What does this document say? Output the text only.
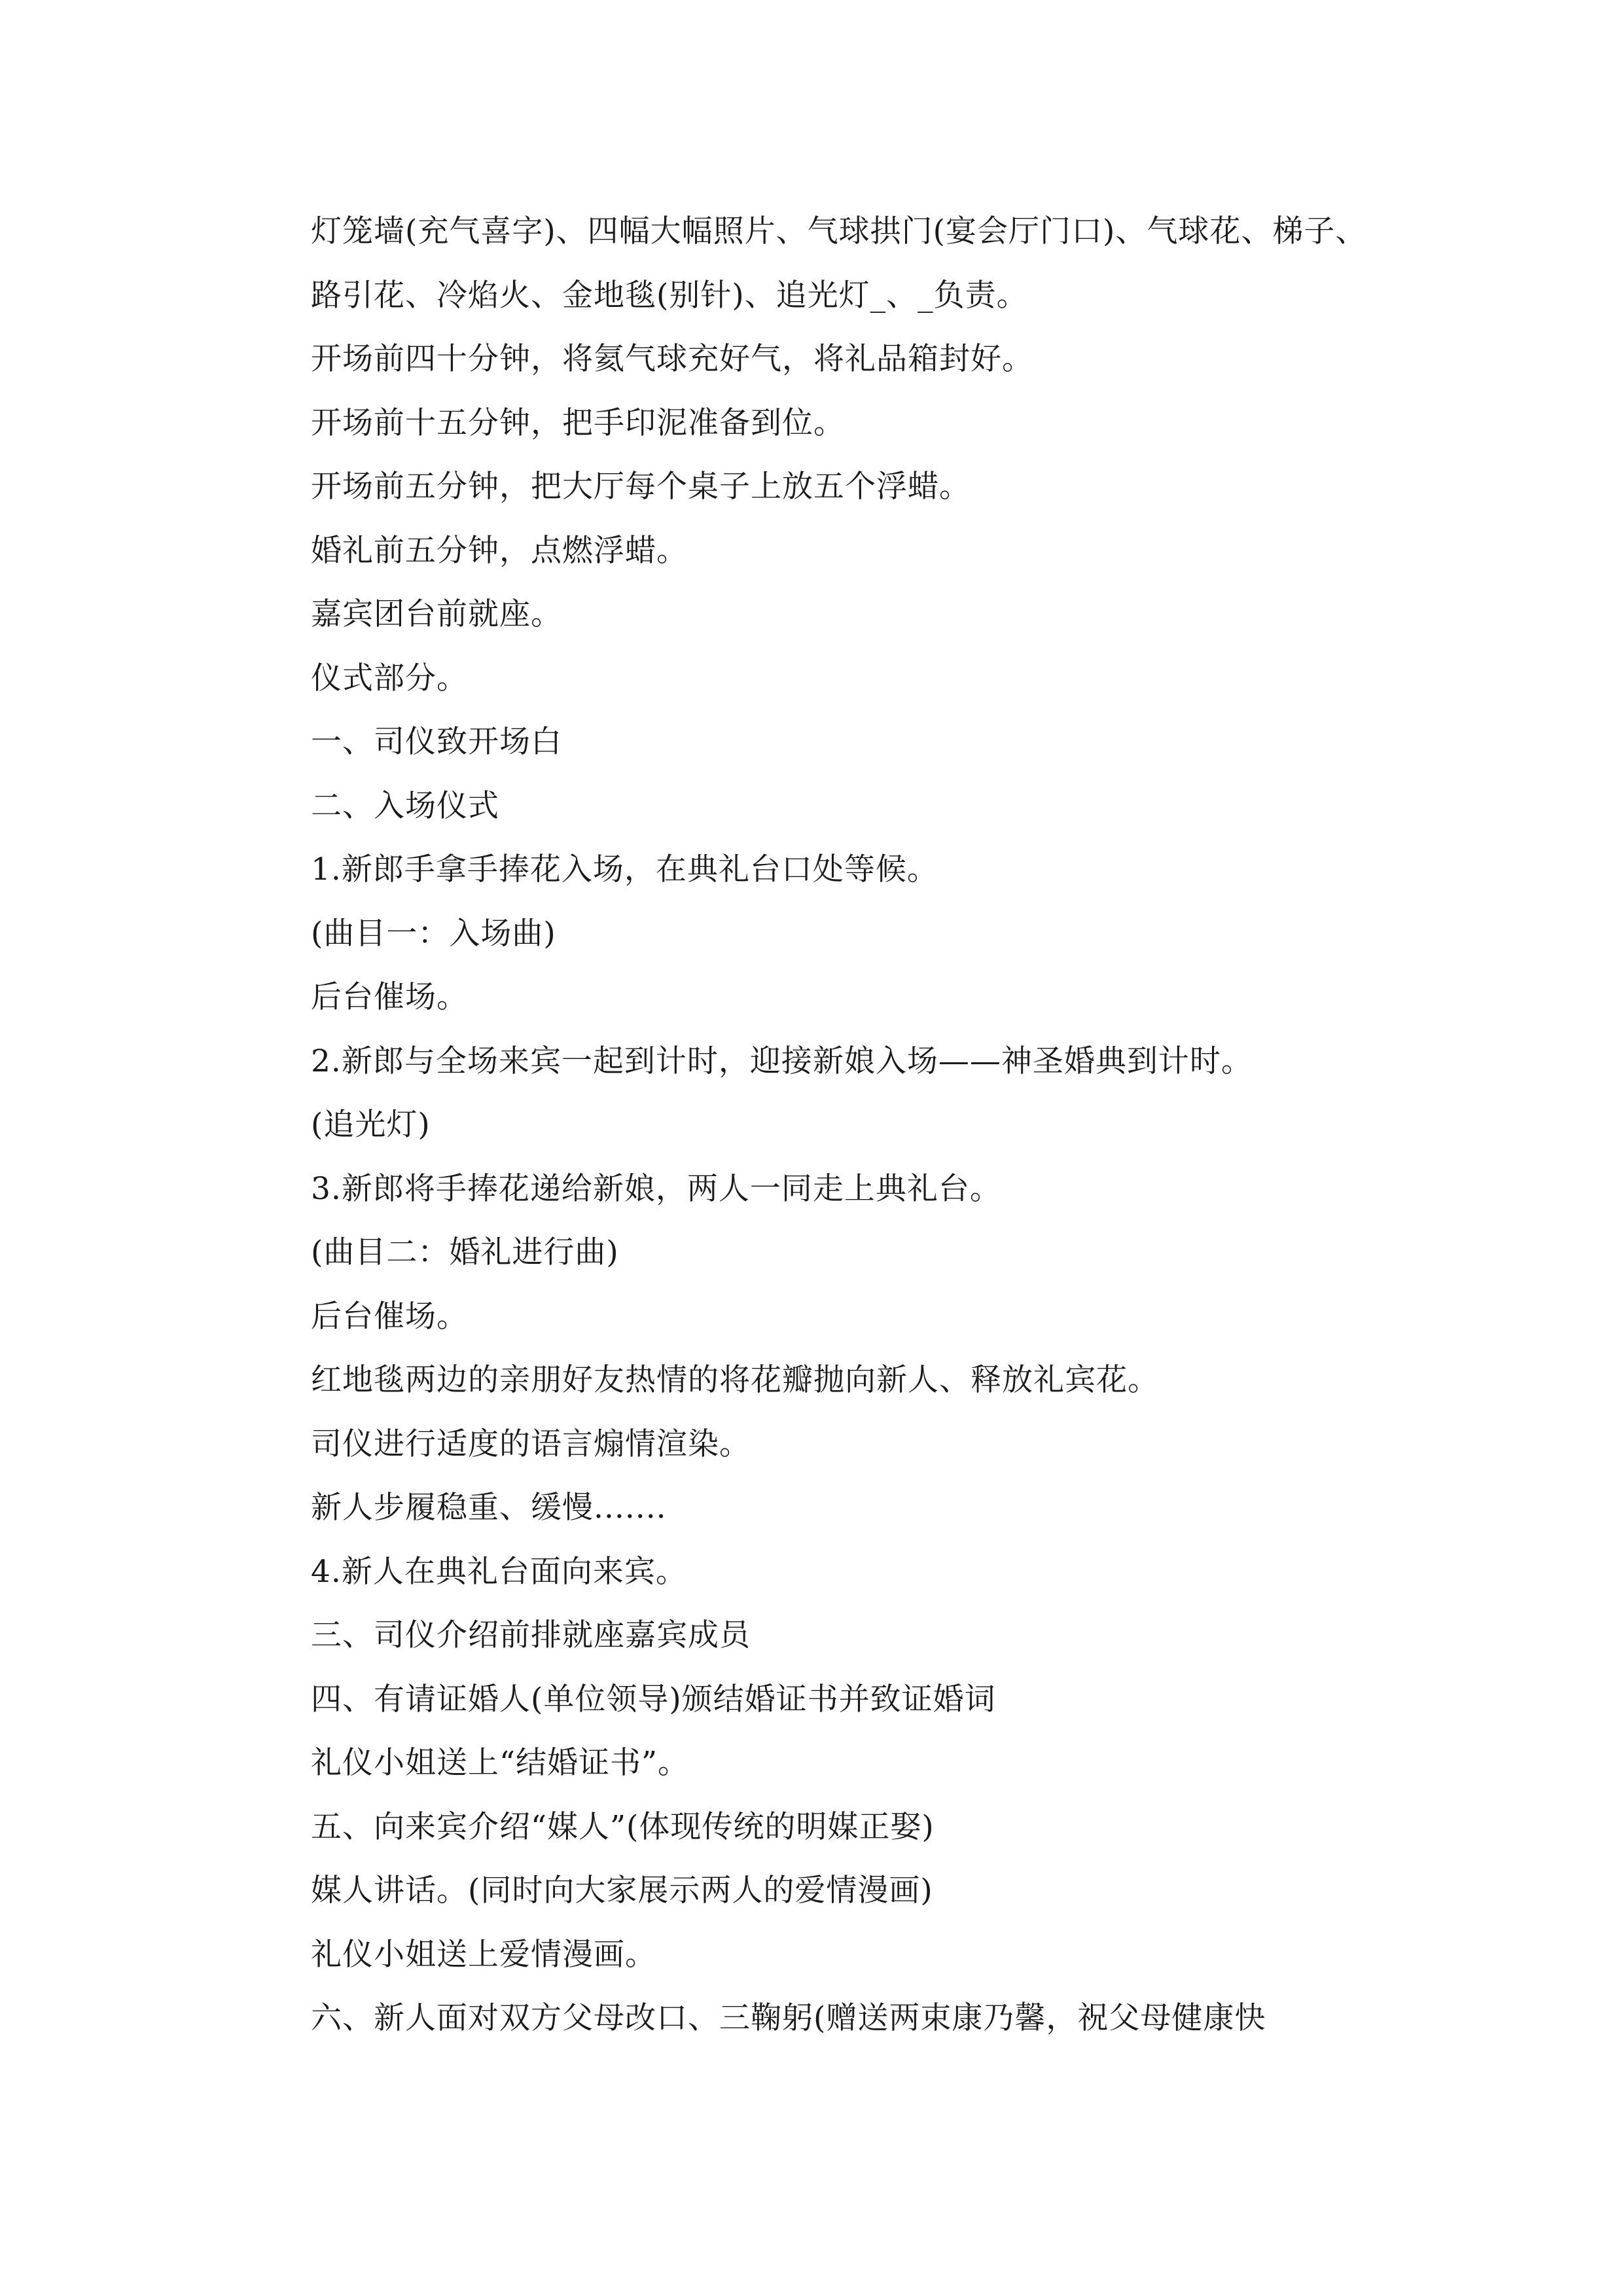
灯笼墙(充气喜字)、四幅大幅照片、气球拱门(宴会厅门口)、气球花、梯子、路引花、冷焰火、金地毯(别针)、追光灯_、_负责。
开场前四十分钟，将氦气球充好气，将礼品箱封好。
开场前十五分钟，把手印泥准备到位。
开场前五分钟，把大厅每个桌子上放五个浮蜡。
婚礼前五分钟，点燃浮蜡。
嘉宾团台前就座。
仪式部分。
一、司仪致开场白
二、入场仪式
1.新郎手拿手捧花入场，在典礼台口处等候。
(曲目一：入场曲)
后台催场。
2.新郎与全场来宾一起到计时，迎接新娘入场——神圣婚典到计时。
(追光灯)
3.新郎将手捧花递给新娘，两人一同走上典礼台。
(曲目二：婚礼进行曲)
后台催场。
红地毯两边的亲朋好友热情的将花瓣抛向新人、释放礼宾花。
司仪进行适度的语言煽情渲染。
新人步履稳重、缓慢.......
4.新人在典礼台面向来宾。
三、司仪介绍前排就座嘉宾成员
四、有请证婚人(单位领导)颁结婚证书并致证婚词
礼仪小姐送上“结婚证书”。
五、向来宾介绍“媒人”(体现传统的明媒正娶)
媒人讲话。(同时向大家展示两人的爱情漫画)
礼仪小姐送上爱情漫画。
六、新人面对双方父母改口、三鞠躬(赠送两束康乃馨，祝父母健康快
